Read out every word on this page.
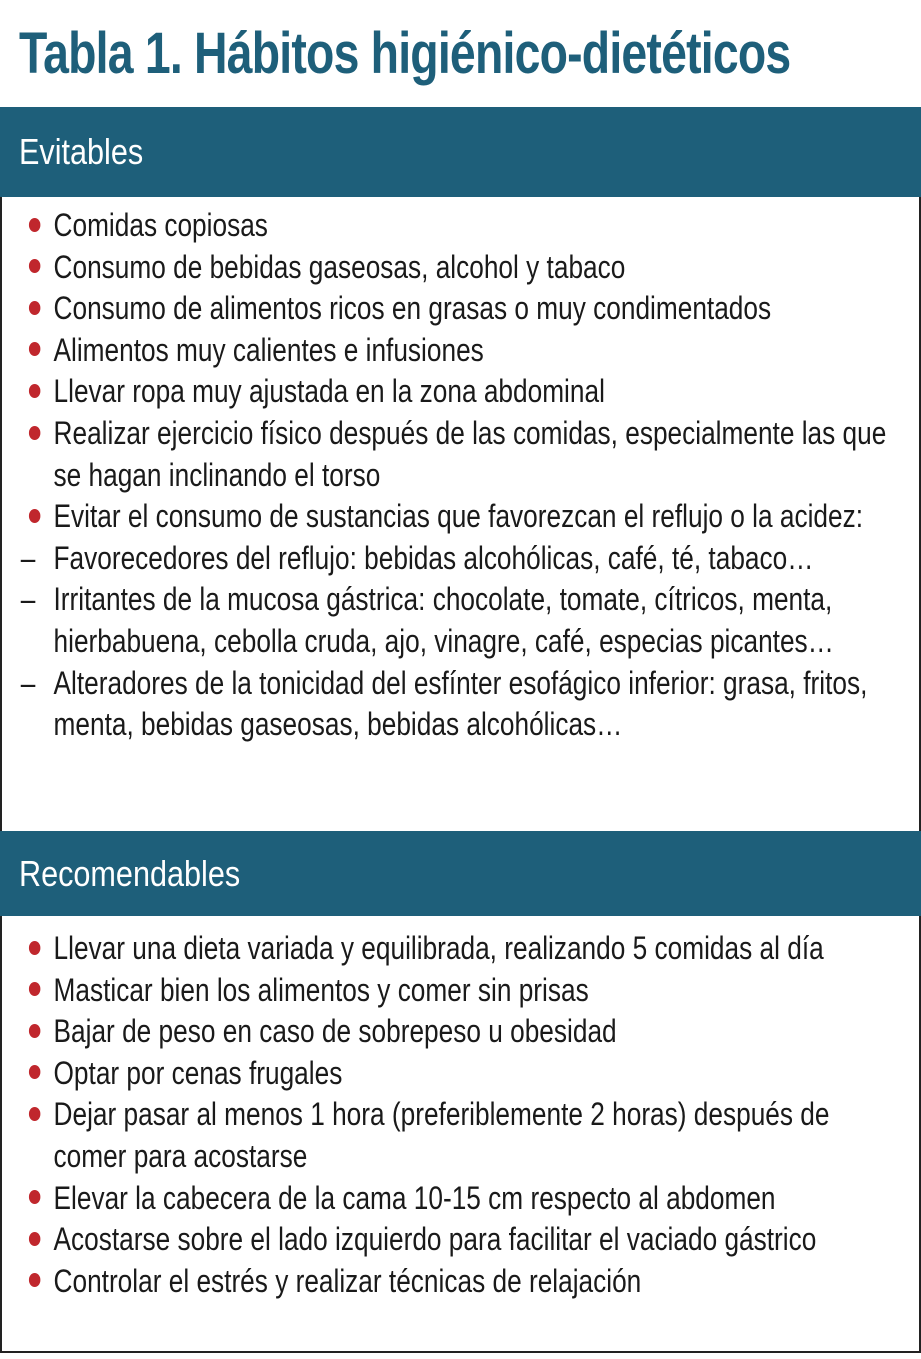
Tabla 1. Hábitos higiénico-dietéticos
Evitables
Comidas copiosas
Consumo de bebidas gaseosas, alcohol y tabaco
Consumo de alimentos ricos en grasas o muy condimentados
Alimentos muy calientes e infusiones
Llevar ropa muy ajustada en la zona abdominal
Realizar ejercicio físico después de las comidas, especialmente las que se hagan inclinando el torso
Evitar el consumo de sustancias que favorezcan el reflujo o la acidez:
– Favorecedores del reflujo: bebidas alcohólicas, café, té, tabaco…
– Irritantes de la mucosa gástrica: chocolate, tomate, cítricos, menta, hierbabuena, cebolla cruda, ajo, vinagre, café, especias picantes…
– Alteradores de la tonicidad del esfínter esofágico inferior: grasa, fritos, menta, bebidas gaseosas, bebidas alcohólicas…
Recomendables
Llevar una dieta variada y equilibrada, realizando 5 comidas al día
Masticar bien los alimentos y comer sin prisas
Bajar de peso en caso de sobrepeso u obesidad
Optar por cenas frugales
Dejar pasar al menos 1 hora (preferiblemente 2 horas) después de comer para acostarse
Elevar la cabecera de la cama 10-15 cm respecto al abdomen
Acostarse sobre el lado izquierdo para facilitar el vaciado gástrico
Controlar el estrés y realizar técnicas de relajación
